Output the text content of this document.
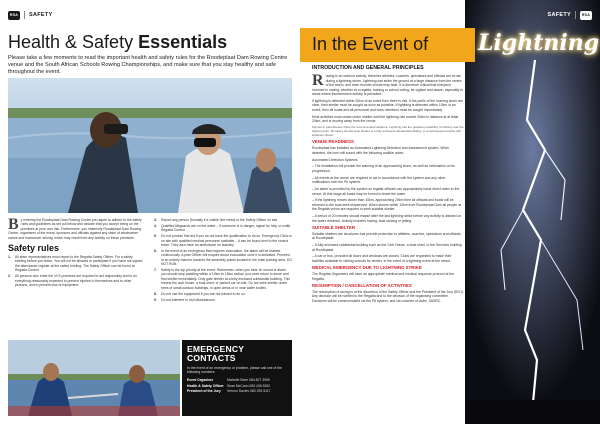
RSA	SAFETY
Health & Safety Essentials
Please take a few moments to read the important health and safety rules for the Roodeplaat Dam Rowing Centre venue and the South African Schools Rowing Championships, and make sure that you stay healthy and safe throughout the event.
B y entering the Roodeplaat Dam Rowing Centre you agree to adhere to the safety rules and guidelines as set out below and declare that you accept being on the premises at your own risk. Furthermore, you indemnify Roodeplaat Dam Rowing Centre, organisers of the event, sponsors and officials against any claim of whatsoever nature and howsoever arising, which may result from any activity on these premises.
Safety rules
1.	All team representatives must report to the Regatta Safety Officer. For a safety briefing before you leave. You will not be allowed to participate if you have not signed the attendance register at the safety briefing. The Safety Officer can be found at Regatta Control.
2.	All persons who enter the VLS premises are required to act responsibly and to do everything reasonably expected to prevent injuries to themselves and to other persons, and to prevent loss of equipment.
3.	Report any person (formally if a visible hire mess) to the Safety Officer on site.
4.	Qualified lifeguards are on the water – if someone is in danger, signal for help or notify Regatta Control.
5.	Do not provide first aid if you do not have the qualification to do so. Emergency Clinic is on site with qualified medical personnel available – it can be found next to the control tower. They also have an ambulance on standby.
6.	In the event of an emergency that requires evacuation, the alarm will be blasted continuously. A plan Officer will enquire about evacuation once it is activated. Proceed in an orderly manner towards the assembly points located in the main parking area. DO NOT RUN.
7.	Safety is the top priority at the event. Remember, when you hear 4h sound of alarm you should stop paddling within a 10km to 15km radius; you must return to shore and find shelter immediately. Only gate shelter at a fully enclosed substantial building. This means the club house, a boat shed, or parked car on site. Do not seek shelter under trees or small outdoor buildings, in open areas or in near water bodies.
8.	Do not use fire equipment if you are not trained to do so.
9.	Do not interfere in civil disturbances.
EMERGENCY CONTACTS
In the event of an emergency or problem, please call one of the following numbers:
Event Organiser	Michelle Bizer 084 827 3969
Health & Safety Officer Sean McCann 083 436 5262
President of the Jury	Vernon Davies 083 293 5117
SAFETY	RSA
In the Event of Lightning
INTRODUCTION AND GENERAL PRINCIPLES

Rowing is an outdoor activity, therefore athletes, coaches, spectators and officials are at risk during a lightning storm. Lightning can strike the ground at a large distance from the centre of the storm, and even thunder clouds may fade. It is therefore critical that everyone involved in rowing, whether at a regatta, training or school outing, be vigilant and aware, especially in areas where thunderstorm activity is prevalent.

If lightning is detected within 20km of an event then there is risk. If the perils of the looming storm are clear, then shelter must be sought as soon as possible. If lightning is detected within 10km of an event, then all boats and all personnel and crew members must be sought immediately.

Most activities must cease under shelter until the lightning has moved 20km in distance at at least 20km, and is moving away from the venue.

Figures in parentheses show the recommended distance. Lightning has the greatest probability of striking near the highest point. Members should seek shelter in a fully enclosed substantial building, or a hard-topped vehicle with windows closed.

VENUE READINESS

Roodeplaat has installed an Automated Lightning Detection and Assessment system. When detected, the horn will sound with the following audible notes:

Automated Detection Systems

– The installation will provide the warning of an approaching storm, as well as information on its progression.

– All events at the venue are required to act in accordance with the system and any other notifications over the PA system.

– An alarm is provided by the system so regatta officials can appropriately issue direct notes to the venue. At this stage all boats may be forced to leave the water.

– If the lightning moves closer than 10km, approaching 20km then all officials and boats will be returned to the boat area sequenced. When storms within 10km from Roodeplaat Dam all people at the Regatta venue are required to seek suitable shelter.

– A period of 20 minutes should elapse after the last lightning strike before any activity is allowed on the water resumed. Activity includes rowing, boat racking or jetting.

SUITABLE SHELTER

Suitable shelters are structures that provide protection to athletes, coaches, spectators and officials at Roodeplaat:

– A fully enclosed substantial building such as the Club House, a boat shed, or the Services building at Roodeplaat.

– A car or bus, provided all doors and windows are closed. Clubs are requested to make their facilities available to visiting schools for shelter, in the event of a lightning event at the venue.

MEDICAL EMERGENCY DUE TO LIGHTNING STRIKE

The Regatta Organisers will have an appropriate medical and medical response protocol at the Regatta.

RESUMPTION / CANCELLATION OF ACTIVITIES

The resumption of racing is at the discretion of the Safety Officer and the President of the Jury (ROJ). Any decision will be notified to the Regatta and to the decision of the organising committee. Decisions will be communicated via the PA system, and via coaches of clubs, SASRC.
